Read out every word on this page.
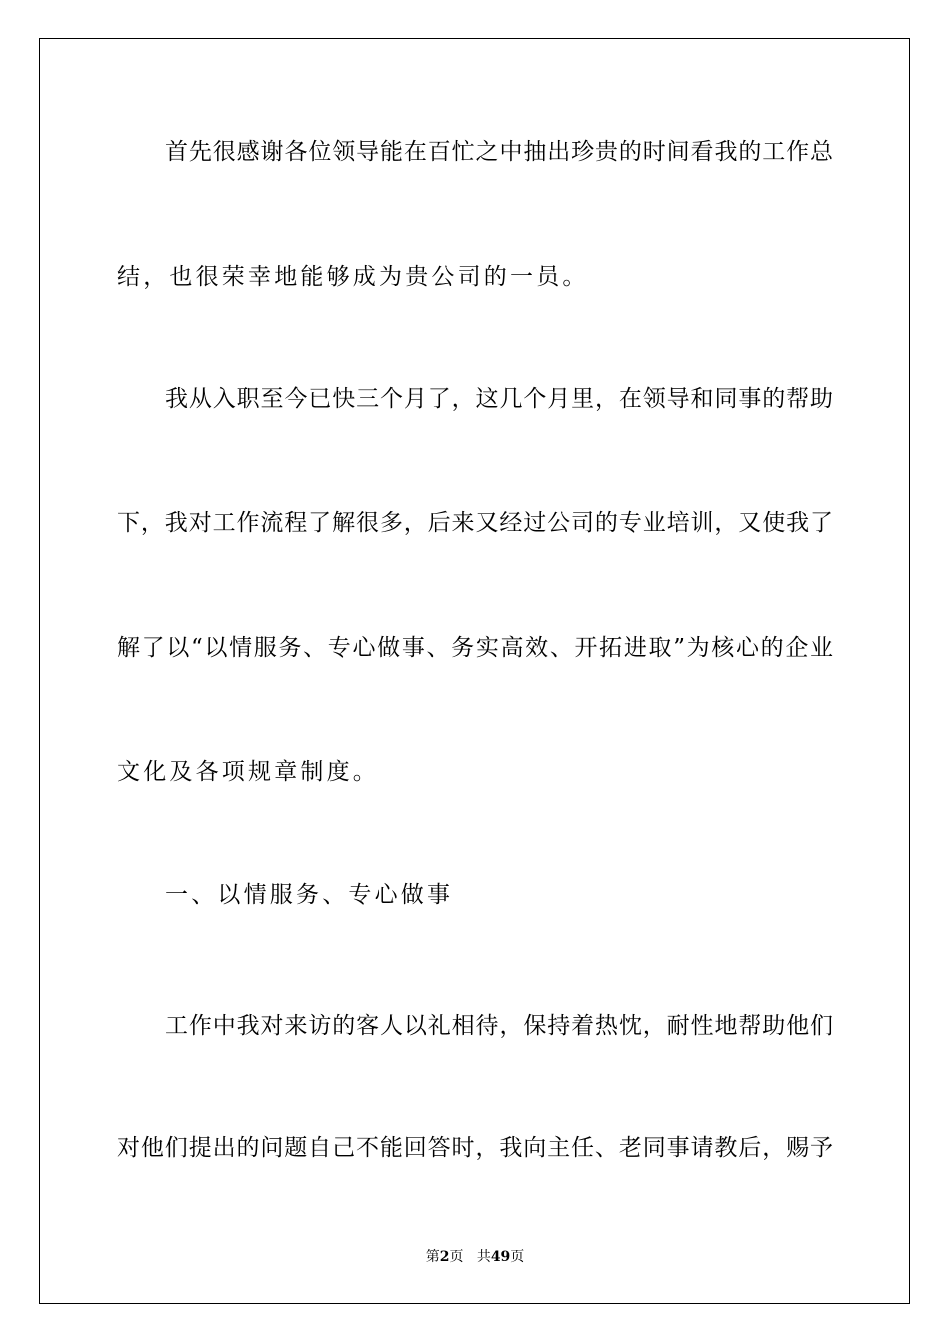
首先很感谢各位领导能在百忙之中抽出珍贵的时间看我的工作总
结，也很荣幸地能够成为贵公司的一员。
我从入职至今已快三个月了，这几个月里，在领导和同事的帮助
下，我对工作流程了解很多，后来又经过公司的专业培训，又使我了
解了以“以情服务、专心做事、务实高效、开拓进取”为核心的企业
文化及各项规章制度。
一、以情服务、专心做事
工作中我对来访的客人以礼相待，保持着热忱，耐性地帮助他们
对他们提出的问题自己不能回答时，我向主任、老同事请教后，赐予
第2页 共49页
